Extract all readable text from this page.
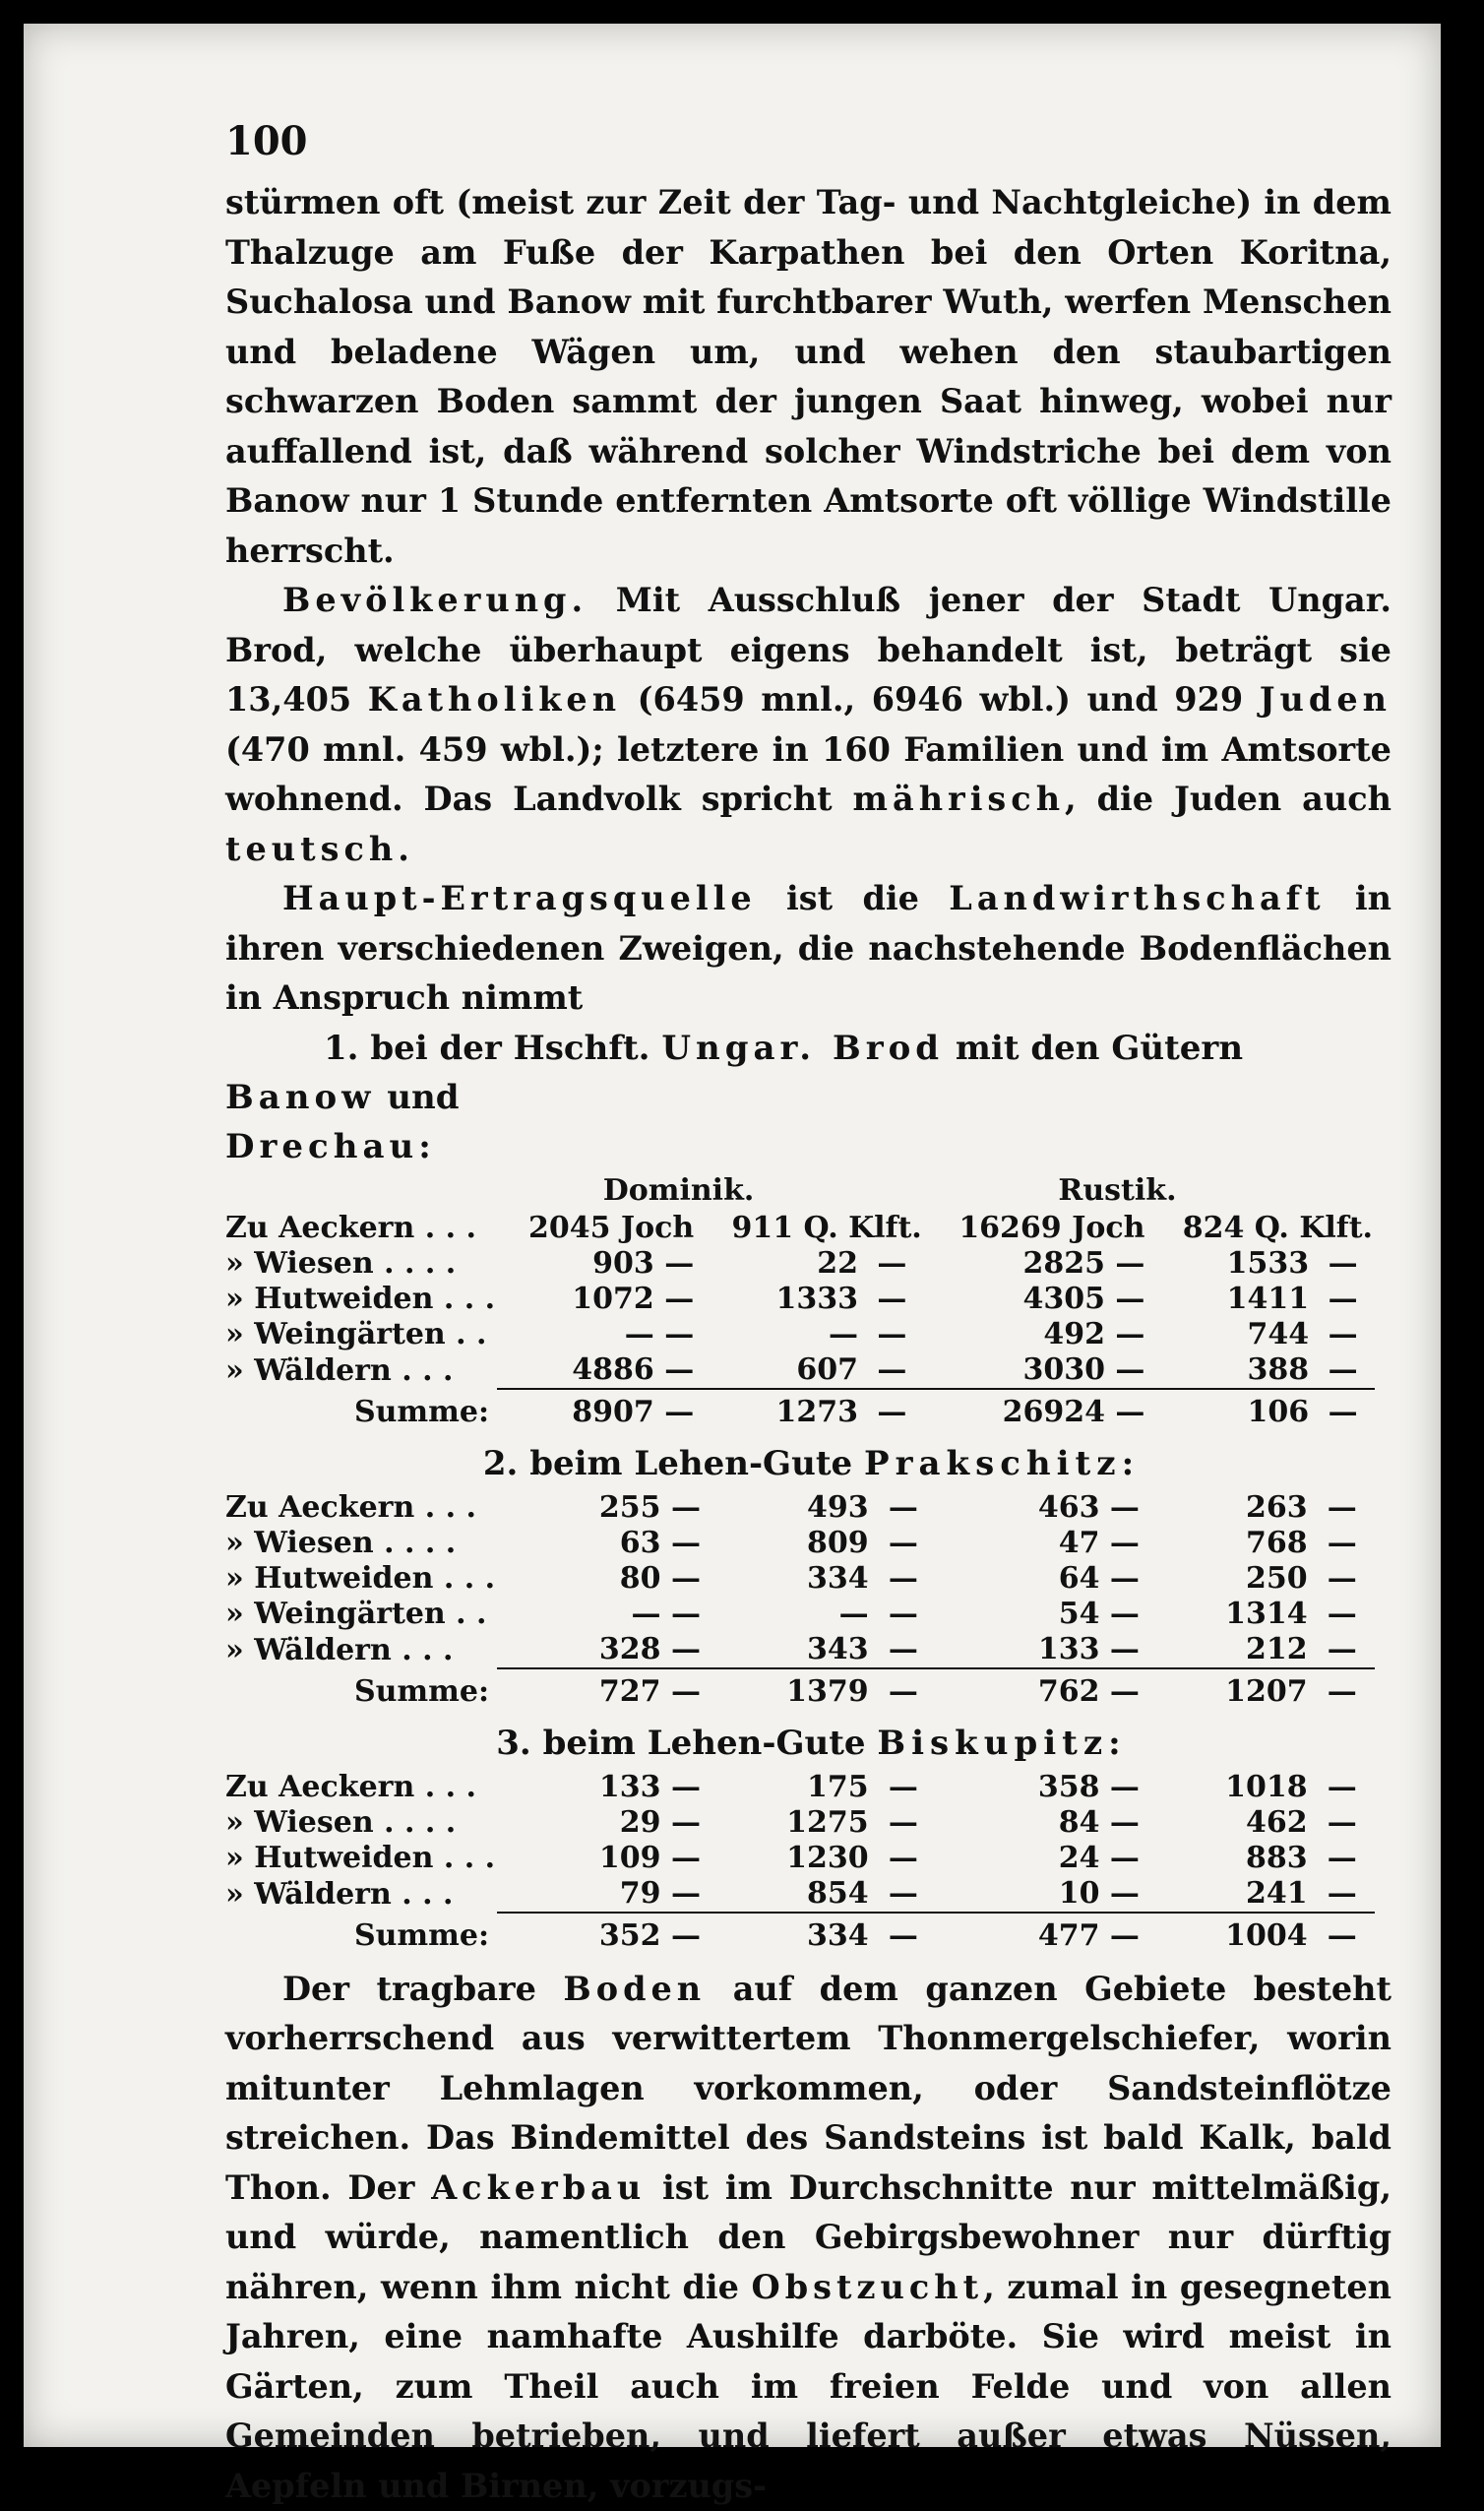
100

stürmen oft (meist zur Zeit der Tag- und Nachtgleiche) in dem Thalzuge am Fuße der Karpathen bei den Orten Koritna, Suchalosa und Banow mit furchtbarer Wuth, werfen Menschen und beladene Wägen um, und wehen den staubartigen schwarzen Boden sammt der jungen Saat hinweg, wobei nur auffallend ist, daß während solcher Windstriche bei dem von Banow nur 1 Stunde entfernten Amtsorte oft völlige Windstille herrscht.

Bevölkerung. Mit Ausschluß jener der Stadt Ungar. Brod, welche überhaupt eigens behandelt ist, beträgt sie 13,405 Katholiken (6459 mnl., 6946 wbl.) und 929 Juden (470 mnl. 459 wbl.); letztere in 160 Familien und im Amtsorte wohnend. Das Landvolk spricht mährisch, die Juden auch teutsch.

Haupt-Ertragsquelle ist die Landwirthschaft in ihren verschiedenen Zweigen, die nachstehende Bodenflächen in Anspruch nimmt

1. bei der Hschft. Ungar. Brod mit den Gütern Banow und
Drechau:
	Dominik.			Rustik.		
Zu Aeckern . . .	2045 Joch	911 Q. Klft.		16269 Joch	824 Q. Klft.	
» Wiesen . . . .	903 —	22	—	2825 —	1533	—
» Hutweiden . . .	1072 —	1333	—	4305 —	1411	—
» Weingärten . .	— —	—	—	492 —	744	—
» Wäldern . . .	4886 —	607	—	3030 —	388	—
Summe:	8907 —	1273	—	26924 —	106	—
2. beim Lehen-Gute Prakschitz:
Zu Aeckern . . .	255 —	493	—	463 —	263	—
» Wiesen . . . .	63 —	809	—	47 —	768	—
» Hutweiden . . .	80 —	334	—	64 —	250	—
» Weingärten . .	— —	—	—	54 —	1314	—
» Wäldern . . .	328 —	343	—	133 —	212	—
Summe:	727 —	1379	—	762 —	1207	—
3. beim Lehen-Gute Biskupitz:
Zu Aeckern . . .	133 —	175	—	358 —	1018	—
» Wiesen . . . .	29 —	1275	—	84 —	462	—
» Hutweiden . . .	109 —	1230	—	24 —	883	—
» Wäldern . . .	79 —	854	—	10 —	241	—
Summe:	352 —	334	—	477 —	1004	—

Der tragbare Boden auf dem ganzen Gebiete besteht vorherrschend aus verwittertem Thonmergelschiefer, worin mitunter Lehmlagen vorkommen, oder Sandsteinflötze streichen. Das Bindemittel des Sandsteins ist bald Kalk, bald Thon. Der Ackerbau ist im Durchschnitte nur mittelmäßig, und würde, namentlich den Gebirgsbewohner nur dürftig nähren, wenn ihm nicht die Obstzucht, zumal in gesegneten Jahren, eine namhafte Aushilfe darböte. Sie wird meist in Gärten, zum Theil auch im freien Felde und von allen Gemeinden betrieben, und liefert außer etwas Nüssen, Aepfeln und Birnen, vorzugs-
